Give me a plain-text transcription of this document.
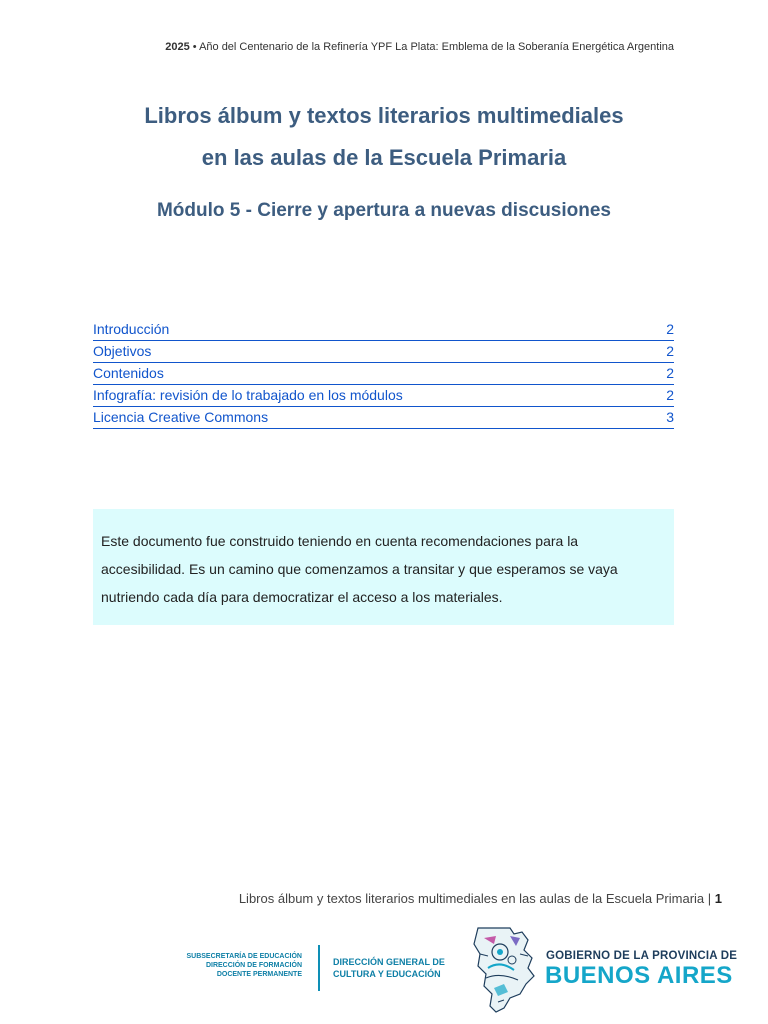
2025 • Año del Centenario de la Refinería YPF La Plata: Emblema de la Soberanía Energética Argentina
Libros álbum y textos literarios multimediales
en las aulas de la Escuela Primaria
Módulo 5 - Cierre y apertura a nuevas discusiones
Introducción	2
Objetivos	2
Contenidos	2
Infografía: revisión de lo trabajado en los módulos	2
Licencia Creative Commons	3
Este documento fue construido teniendo en cuenta recomendaciones para la
accesibilidad. Es un camino que comenzamos a transitar y que esperamos se vaya
nutriendo cada día para democratizar el acceso a los materiales.
Libros álbum y textos literarios multimediales en las aulas de la Escuela Primaria | 1
SUBSECRETARÍA DE EDUCACIÓN
DIRECCIÓN DE FORMACIÓN
DOCENTE PERMANENTE
DIRECCIÓN GENERAL DE
CULTURA Y EDUCACIÓN
GOBIERNO DE LA PROVINCIA DE
BUENOS AIRES
